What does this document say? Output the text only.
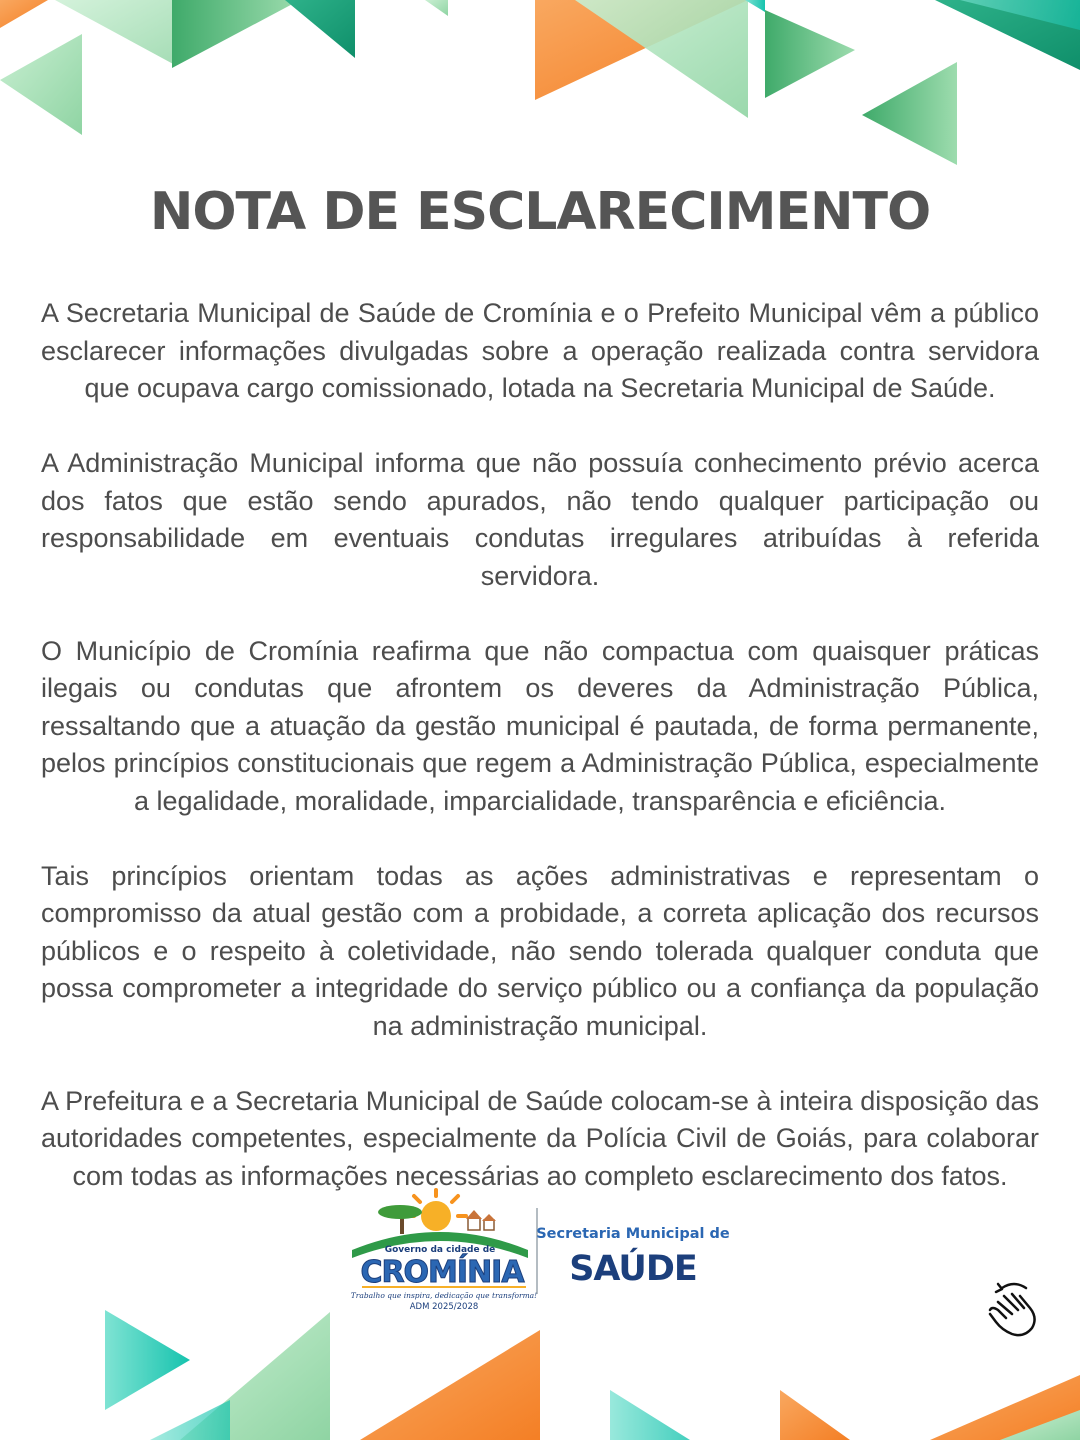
NOTA DE ESCLARECIMENTO

A Secretaria Municipal de Saúde de Cromínia e o Prefeito Municipal vêm a público esclarecer informações divulgadas sobre a operação realizada contra servidora que ocupava cargo comissionado, lotada na Secretaria Municipal de Saúde.

A Administração Municipal informa que não possuía conhecimento prévio acerca dos fatos que estão sendo apurados, não tendo qualquer participação ou responsabilidade em eventuais condutas irregulares atribuídas à referida servidora.

O Município de Cromínia reafirma que não compactua com quaisquer práticas ilegais ou condutas que afrontem os deveres da Administração Pública, ressaltando que a atuação da gestão municipal é pautada, de forma permanente, pelos princípios constitucionais que regem a Administração Pública, especialmente a legalidade, moralidade, imparcialidade, transparência e eficiência.

Tais princípios orientam todas as ações administrativas e representam o compromisso da atual gestão com a probidade, a correta aplicação dos recursos públicos e o respeito à coletividade, não sendo tolerada qualquer conduta que possa comprometer a integridade do serviço público ou a confiança da população na administração municipal.

A Prefeitura e a Secretaria Municipal de Saúde colocam-se à inteira disposição das autoridades competentes, especialmente da Polícia Civil de Goiás, para colaborar com todas as informações necessárias ao completo esclarecimento dos fatos.

Governo da cidade de
CROMÍNIA
Trabalho que inspira, dedicação que transforma!
ADM 2025/2028
Secretaria Municipal de
SAÚDE
